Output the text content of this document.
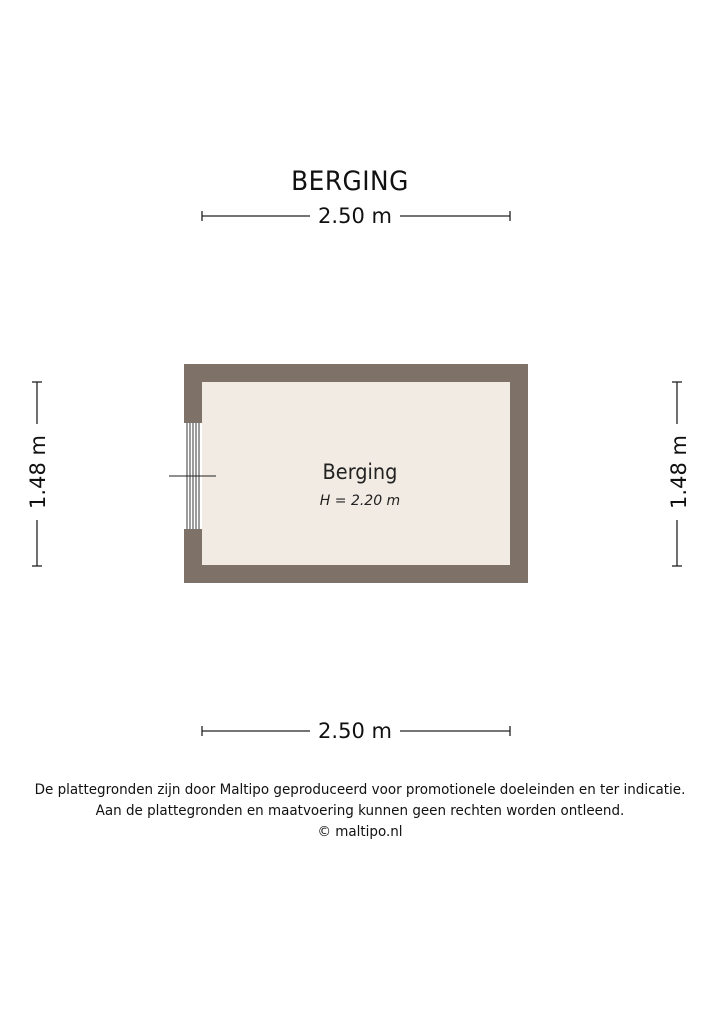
BERGING
2.50 m
2.50 m
1.48 m	1.48 m
Berging
H = 2.20 m
De plattegronden zijn door Maltipo geproduceerd voor promotionele doeleinden en ter indicatie.
Aan de plattegronden en maatvoering kunnen geen rechten worden ontleend.
© maltipo.nl
